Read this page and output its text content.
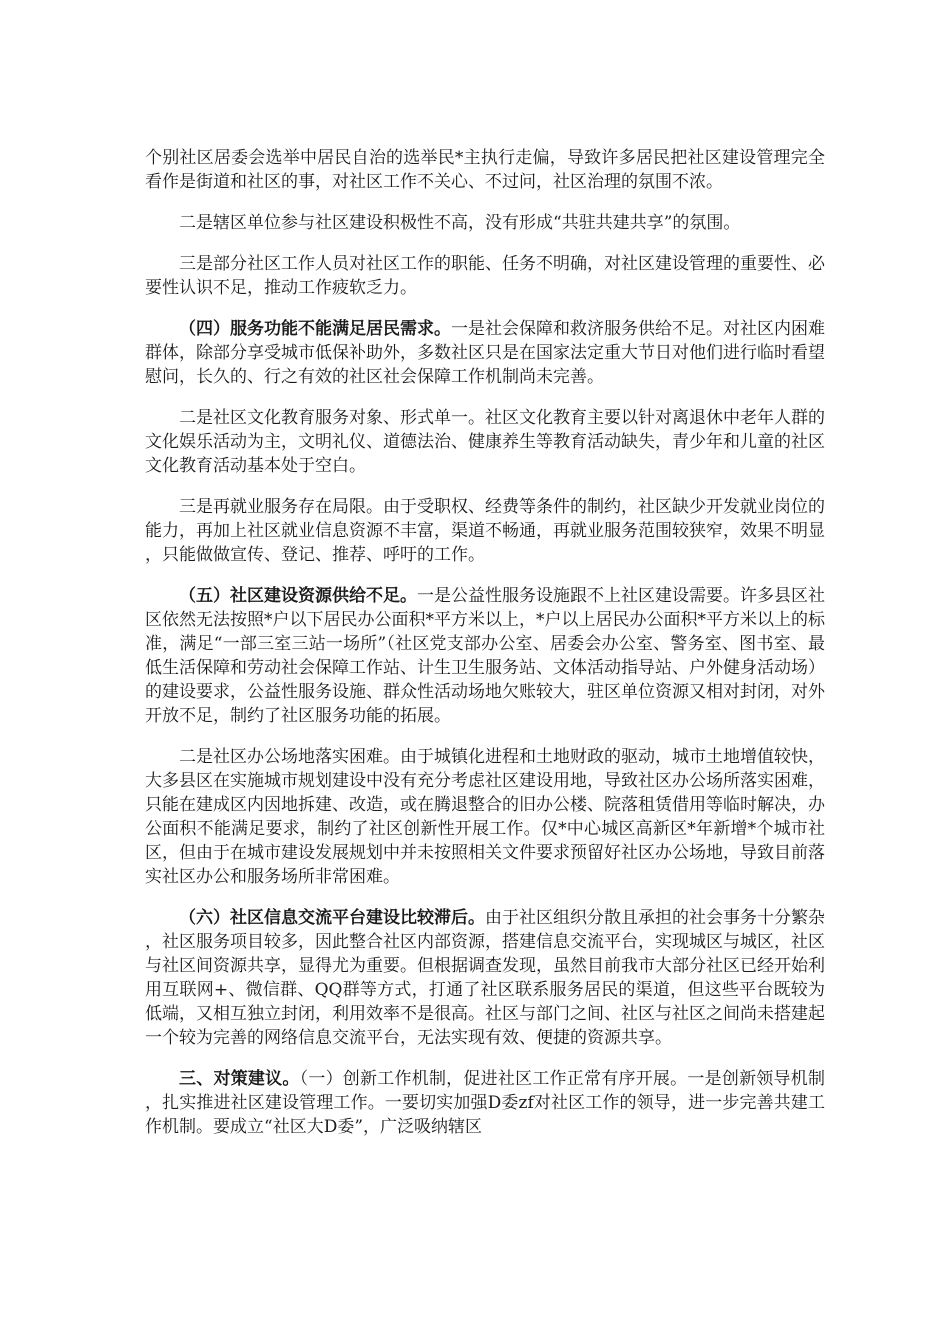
个别社区居委会选举中居民自治的选举民*主执行走偏，导致许多居民把社区建设管理完全看作是街道和社区的事，对社区工作不关心、不过问，社区治理的氛围不浓。

二是辖区单位参与社区建设积极性不高，没有形成“共驻共建共享”的氛围。

三是部分社区工作人员对社区工作的职能、任务不明确，对社区建设管理的重要性、必要性认识不足，推动工作疲软乏力。

（四）服务功能不能满足居民需求。一是社会保障和救济服务供给不足。对社区内困难群体，除部分享受城市低保补助外，多数社区只是在国家法定重大节日对他们进行临时看望慰问，长久的、行之有效的社区社会保障工作机制尚未完善。

二是社区文化教育服务对象、形式单一。社区文化教育主要以针对离退休中老年人群的文化娱乐活动为主，文明礼仪、道德法治、健康养生等教育活动缺失，青少年和儿童的社区文化教育活动基本处于空白。

三是再就业服务存在局限。由于受职权、经费等条件的制约，社区缺少开发就业岗位的能力，再加上社区就业信息资源不丰富，渠道不畅通，再就业服务范围较狭窄，效果不明显，只能做做宣传、登记、推荐、呼吁的工作。

（五）社区建设资源供给不足。一是公益性服务设施跟不上社区建设需要。许多县区社区依然无法按照*户以下居民办公面积*平方米以上，*户以上居民办公面积*平方米以上的标准，满足“一部三室三站一场所”（社区党支部办公室、居委会办公室、警务室、图书室、最低生活保障和劳动社会保障工作站、计生卫生服务站、文体活动指导站、户外健身活动场）的建设要求，公益性服务设施、群众性活动场地欠账较大，驻区单位资源又相对封闭，对外开放不足，制约了社区服务功能的拓展。

二是社区办公场地落实困难。由于城镇化进程和土地财政的驱动，城市土地增值较快，大多县区在实施城市规划建设中没有充分考虑社区建设用地，导致社区办公场所落实困难，只能在建成区内因地拆建、改造，或在腾退整合的旧办公楼、院落租赁借用等临时解决，办公面积不能满足要求，制约了社区创新性开展工作。仅*中心城区高新区*年新增*个城市社区，但由于在城市建设发展规划中并未按照相关文件要求预留好社区办公场地，导致目前落实社区办公和服务场所非常困难。

（六）社区信息交流平台建设比较滞后。由于社区组织分散且承担的社会事务十分繁杂，社区服务项目较多，因此整合社区内部资源，搭建信息交流平台，实现城区与城区，社区与社区间资源共享，显得尤为重要。但根据调查发现，虽然目前我市大部分社区已经开始利用互联网+、微信群、QQ群等方式，打通了社区联系服务居民的渠道，但这些平台既较为低端，又相互独立封闭，利用效率不是很高。社区与部门之间、社区与社区之间尚未搭建起一个较为完善的网络信息交流平台，无法实现有效、便捷的资源共享。

三、对策建议。（一）创新工作机制，促进社区工作正常有序开展。一是创新领导机制，扎实推进社区建设管理工作。一要切实加强D委zf对社区工作的领导，进一步完善共建工作机制。要成立“社区大D委”，广泛吸纳辖区
